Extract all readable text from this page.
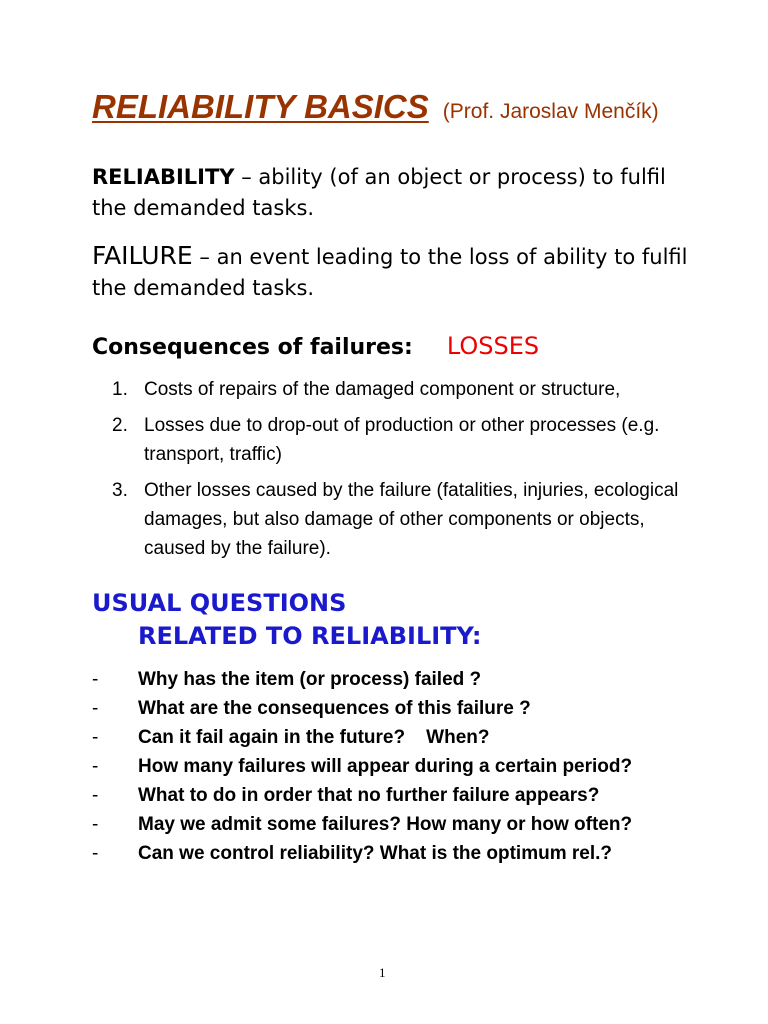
RELIABILITY BASICS (Prof. Jaroslav Menčík)
RELIABILITY – ability (of an object or process) to fulfil the demanded tasks.
FAILURE – an event leading to the loss of ability to fulfil the demanded tasks.
Consequences of failures: LOSSES
1. Costs of repairs of the damaged component or structure,
2. Losses due to drop-out of production or other processes (e.g. transport, traffic)
3. Other losses caused by the failure (fatalities, injuries, ecological damages, but also damage of other components or objects, caused by the failure).
USUAL QUESTIONS
RELATED TO RELIABILITY:
- Why has the item (or process) failed ?
- What are the consequences of this failure ?
- Can it fail again in the future?    When?
-	How many failures will appear during a certain period?
- What to do in order that no further failure appears?
-	May we admit some failures? How many or how often?
- Can we control reliability? What is the optimum rel.?
1
